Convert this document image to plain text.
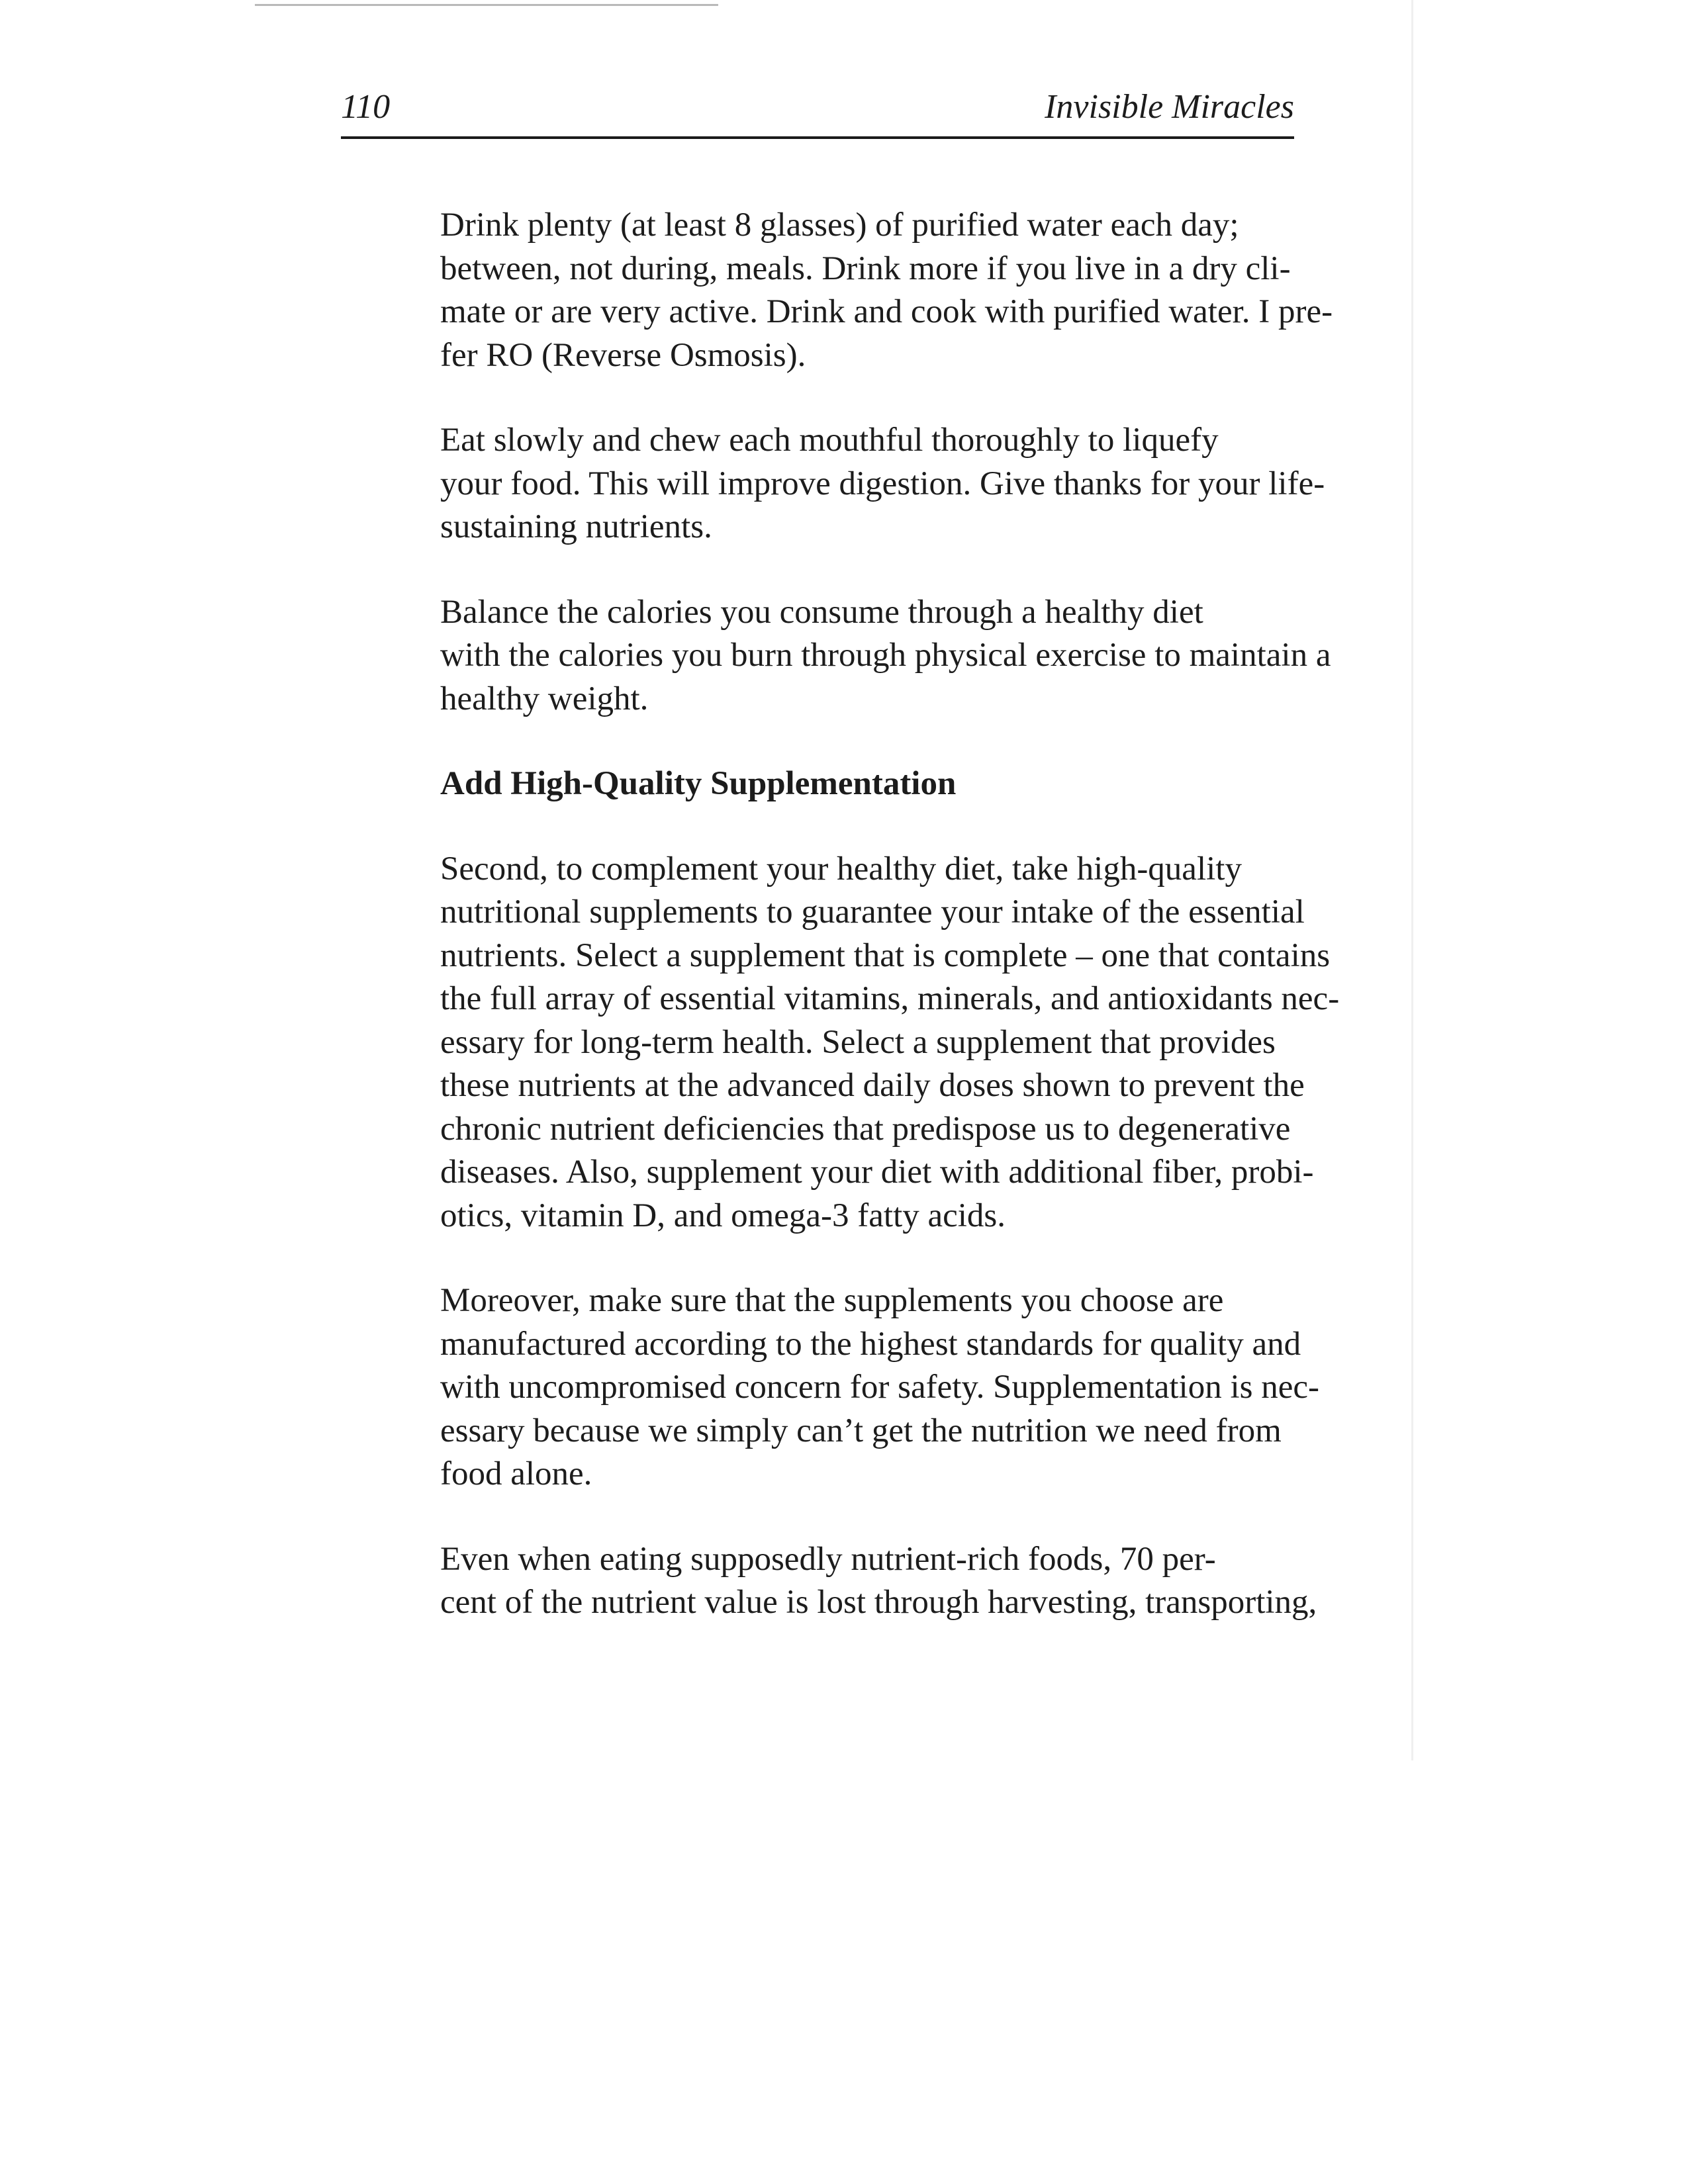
110	Invisible Miracles
Drink plenty (at least 8 glasses) of purified water each day;
between, not during, meals. Drink more if you live in a dry cli-
mate or are very active. Drink and cook with purified water. I pre-
fer RO (Reverse Osmosis).
Eat slowly and chew each mouthful thoroughly to liquefy
your food. This will improve digestion. Give thanks for your life-
sustaining nutrients.
Balance the calories you consume through a healthy diet
with the calories you burn through physical exercise to maintain a
healthy weight.
Add High-Quality Supplementation
Second, to complement your healthy diet, take high-quality
nutritional supplements to guarantee your intake of the essential
nutrients. Select a supplement that is complete – one that contains
the full array of essential vitamins, minerals, and antioxidants nec-
essary for long-term health. Select a supplement that provides
these nutrients at the advanced daily doses shown to prevent the
chronic nutrient deficiencies that predispose us to degenerative
diseases. Also, supplement your diet with additional fiber, probi-
otics, vitamin D, and omega-3 fatty acids.
Moreover, make sure that the supplements you choose are
manufactured according to the highest standards for quality and
with uncompromised concern for safety. Supplementation is nec-
essary because we simply can’t get the nutrition we need from
food alone.
Even when eating supposedly nutrient-rich foods, 70 per-
cent of the nutrient value is lost through harvesting, transporting,
